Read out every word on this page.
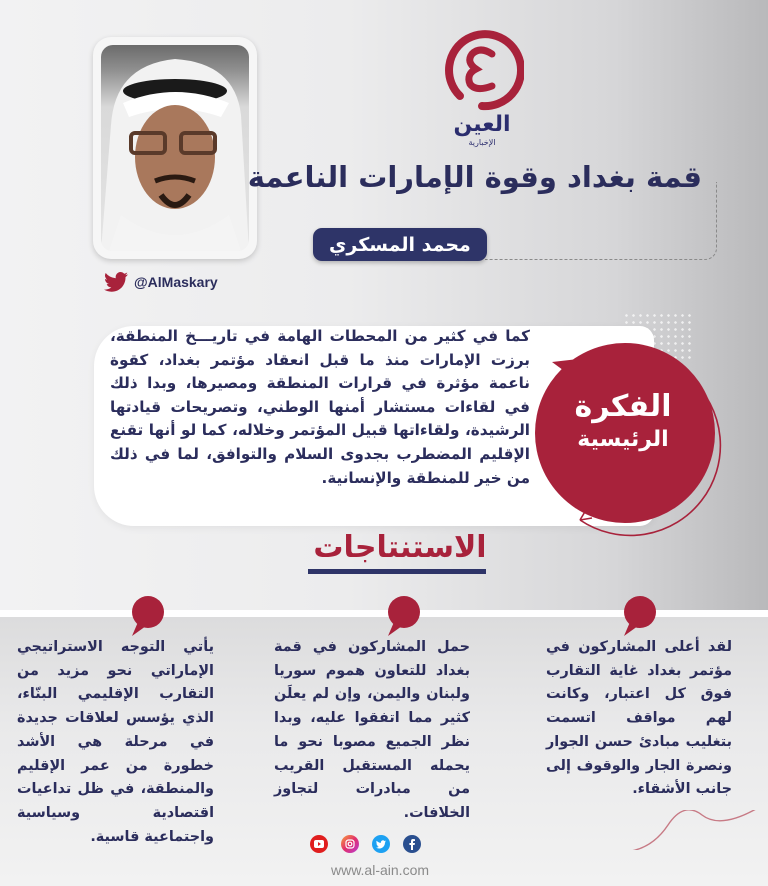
العين
الإخبارية
@AlMaskary
قمة بغداد وقوة الإمارات الناعمة
محمد المسكري
كما في كثير من المحطات الهامة في تاريـــخ المنطقة، برزت الإمارات منذ ما قبل انعقاد مؤتمر بغداد، كقوة ناعمة مؤثرة في قرارات المنطقة ومصيرها، وبدا ذلك في لقاءات مستشار أمنها الوطني، وتصريحات قيادتها الرشيدة، ولقاءاتها قبيل المؤتمر وخلاله، كما لو أنها تقنع الإقليم المضطرب بجدوى السلام والتوافق، لما في ذلك من خير للمنطقة والإنسانية.
الفكرة
الرئيسية
الاستنتاجات
لقد أعلى المشاركون في مؤتمر بغداد غاية التقارب فوق كل اعتبار، وكانت لهم مواقف اتسمت بتغليب مبادئ حسن الجوار ونصرة الجار والوقوف إلى جانب الأشقاء.
حمل المشاركون في قمة بغداد للتعاون هموم سوريا ولبنان واليمن، وإن لم يعلَن كثير مما اتفقوا عليه، وبدا نظر الجميع مصوبا نحو ما يحمله المستقبل القريب من مبادرات لتجاوز الخلافات.
يأتي التوجه الاستراتيجي الإماراتي نحو مزيد من التقارب الإقليمي البنّاء، الذي يؤسس لعلاقات جديدة في مرحلة هي الأشد خطورة من عمر الإقليم والمنطقة، في ظل تداعيات اقتصادية وسياسية واجتماعية قاسية.
www.al-ain.com
